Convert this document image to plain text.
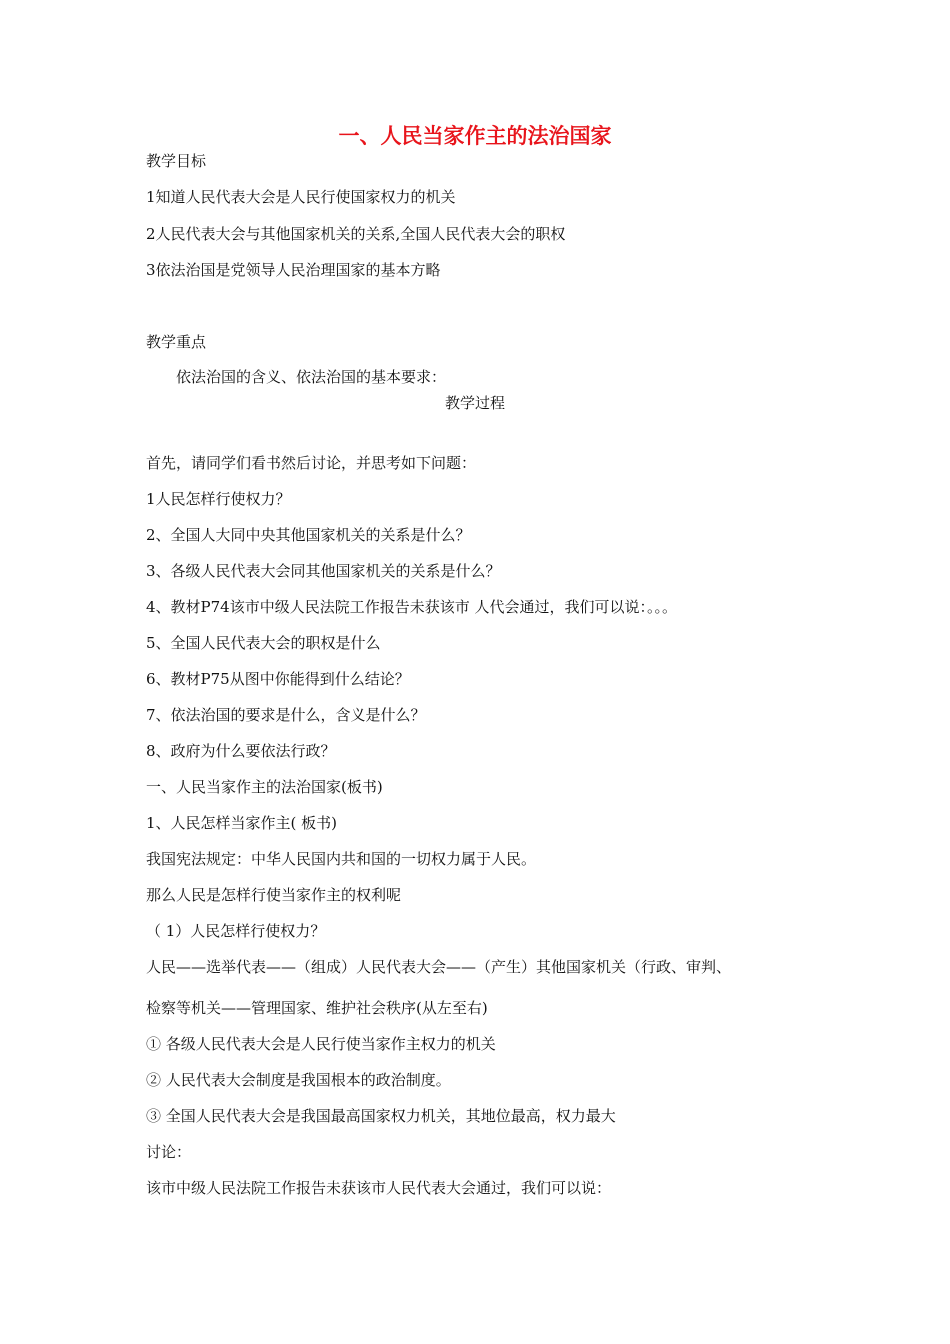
一、人民当家作主的法治国家
教学目标
1知道人民代表大会是人民行使国家权力的机关
2人民代表大会与其他国家机关的关系,全国人民代表大会的职权
3依法治国是党领导人民治理国家的基本方略
教学重点
依法治国的含义、依法治国的基本要求：
教学过程
首先，请同学们看书然后讨论，并思考如下问题：
1人民怎样行使权力？
2、全国人大同中央其他国家机关的关系是什么？
3、各级人民代表大会同其他国家机关的关系是什么？
4、教材P74该市中级人民法院工作报告未获该市 人代会通过，我们可以说：。。。
5、全国人民代表大会的职权是什么
6、教材P75从图中你能得到什么结论？
7、依法治国的要求是什么，含义是什么？
8、政府为什么要依法行政？
一、人民当家作主的法治国家(板书)
1、人民怎样当家作主( 板书)
我国宪法规定：中华人民国内共和国的一切权力属于人民。
那么人民是怎样行使当家作主的权利呢
（ 1）人民怎样行使权力？
人民——选举代表——（组成）人民代表大会——（产生）其他国家机关（行政、审判、
检察等机关——管理国家、维护社会秩序(从左至右)
① 各级人民代表大会是人民行使当家作主权力的机关
② 人民代表大会制度是我国根本的政治制度。
③ 全国人民代表大会是我国最高国家权力机关，其地位最高，权力最大
讨论：
该市中级人民法院工作报告未获该市人民代表大会通过，我们可以说：
